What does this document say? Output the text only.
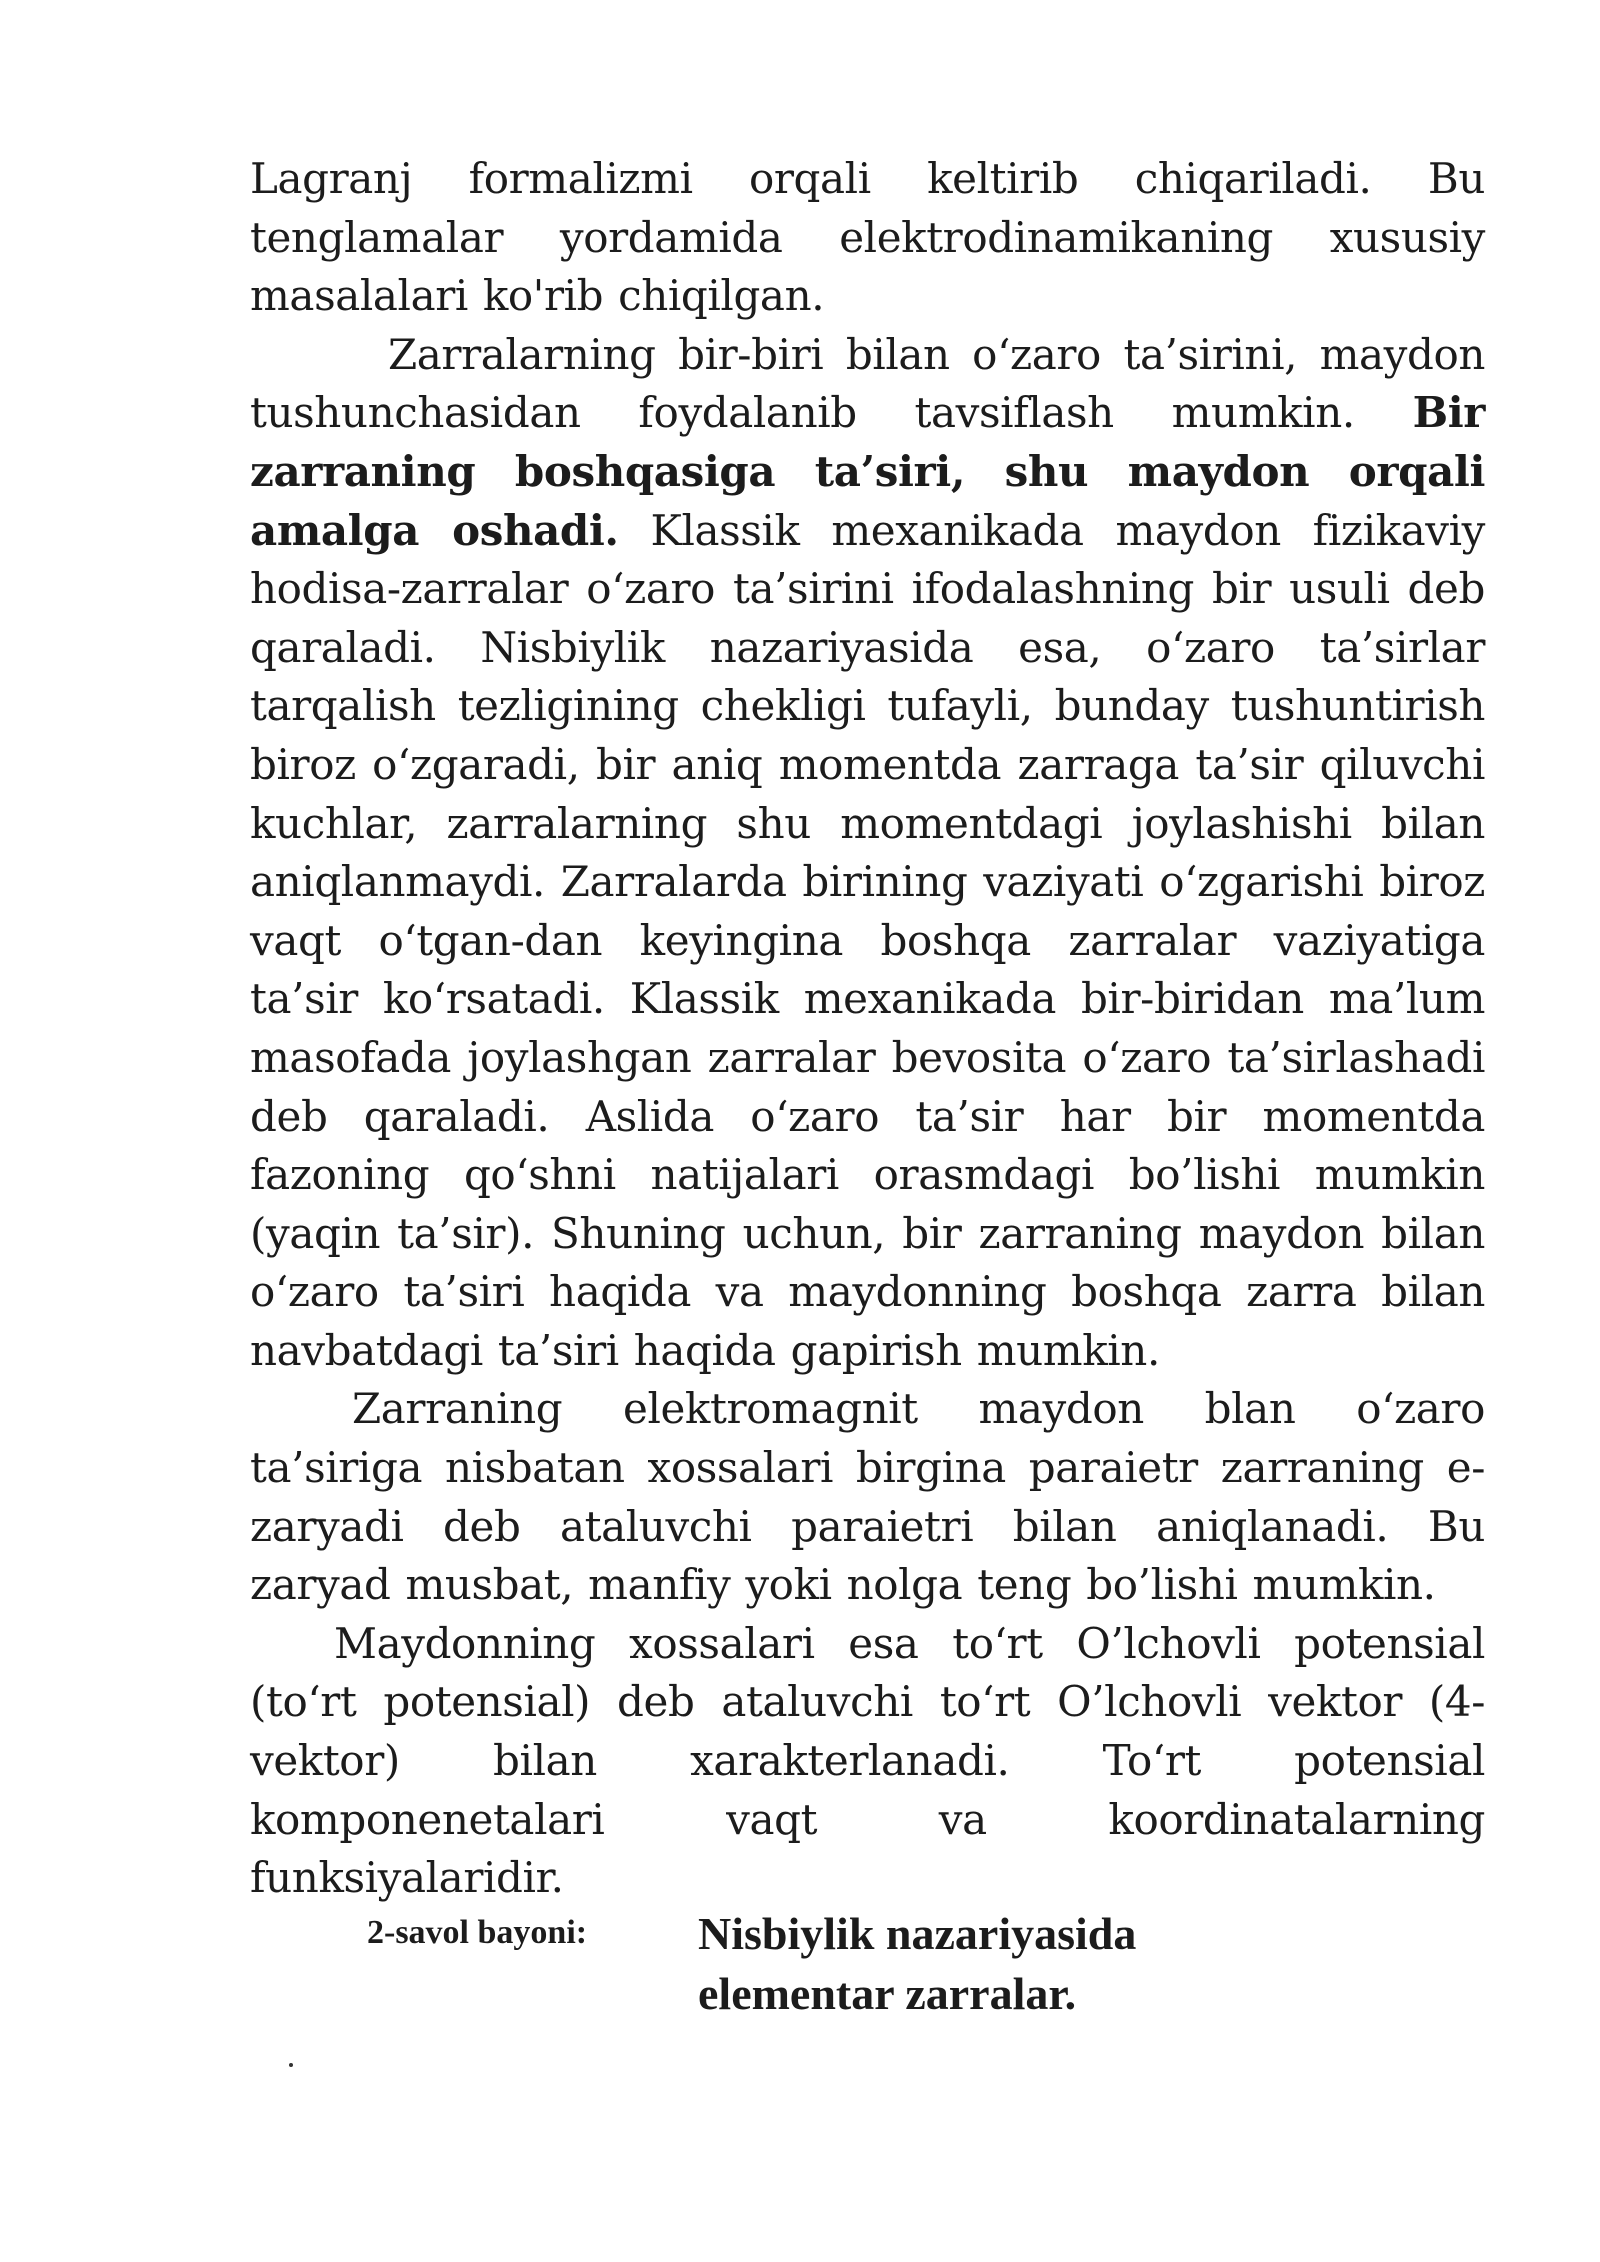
Lagranj formalizmi orqali keltirib chiqariladi. Bu tenglamalar yordamida elektrodinamikaning xususiy masalalari ko'rib chiqilgan.

Zarralarning bir-biri bilan o‘zaro ta’sirini, maydon tushunchasidan foydalanib tavsiflash mumkin. Bir zarraning boshqasiga ta’siri, shu maydon orqali amalga oshadi. Klassik mexanikada maydon fizikaviy hodisa-zarralar o‘zaro ta’sirini ifodalashning bir usuli deb qaraladi. Nisbiylik nazariyasida esa, o‘zaro ta’sirlar tarqalish tezligining chekligi tufayli, bunday tushuntirish biroz o‘zgaradi, bir aniq momentda zarraga ta’sir qiluvchi kuchlar, zarralarning shu momentdagi joylashishi bilan aniqlanmaydi. Zarralarda birining vaziyati o‘zgarishi biroz vaqt o‘tgan-dan keyingina boshqa zarralar vaziyatiga ta’sir ko‘rsatadi. Klassik mexanikada bir-biridan ma’lum masofada joylashgan zarralar bevosita o‘zaro ta’sirlashadi deb qaraladi. Aslida o‘zaro ta’sir har bir momentda fazoning qo‘shni natijalari orasmdagi bo’lishi mumkin (yaqin ta’sir). Shuning uchun, bir zarraning maydon bilan o‘zaro ta’siri haqida va maydonning boshqa zarra bilan navbatdagi ta’siri haqida gapirish mumkin.

Zarraning elektromagnit maydon blan o‘zaro ta’siriga nisbatan xossalari birgina paraietr zarraning e-zaryadi deb ataluvchi paraietri bilan aniqlanadi. Bu zaryad musbat, manfiy yoki nolga teng bo’lishi mumkin.

Maydonning xossalari esa to‘rt O’lchovli potensial (to‘rt potensial) deb ataluvchi to‘rt O’lchovli vektor (4- vektor) bilan xarakterlanadi. To‘rt potensial komponenetalari vaqt va koordinatalarning funksiyalaridir.

2-savol bayoni: Nisbiylik nazariyasida
elementar zarralar.
